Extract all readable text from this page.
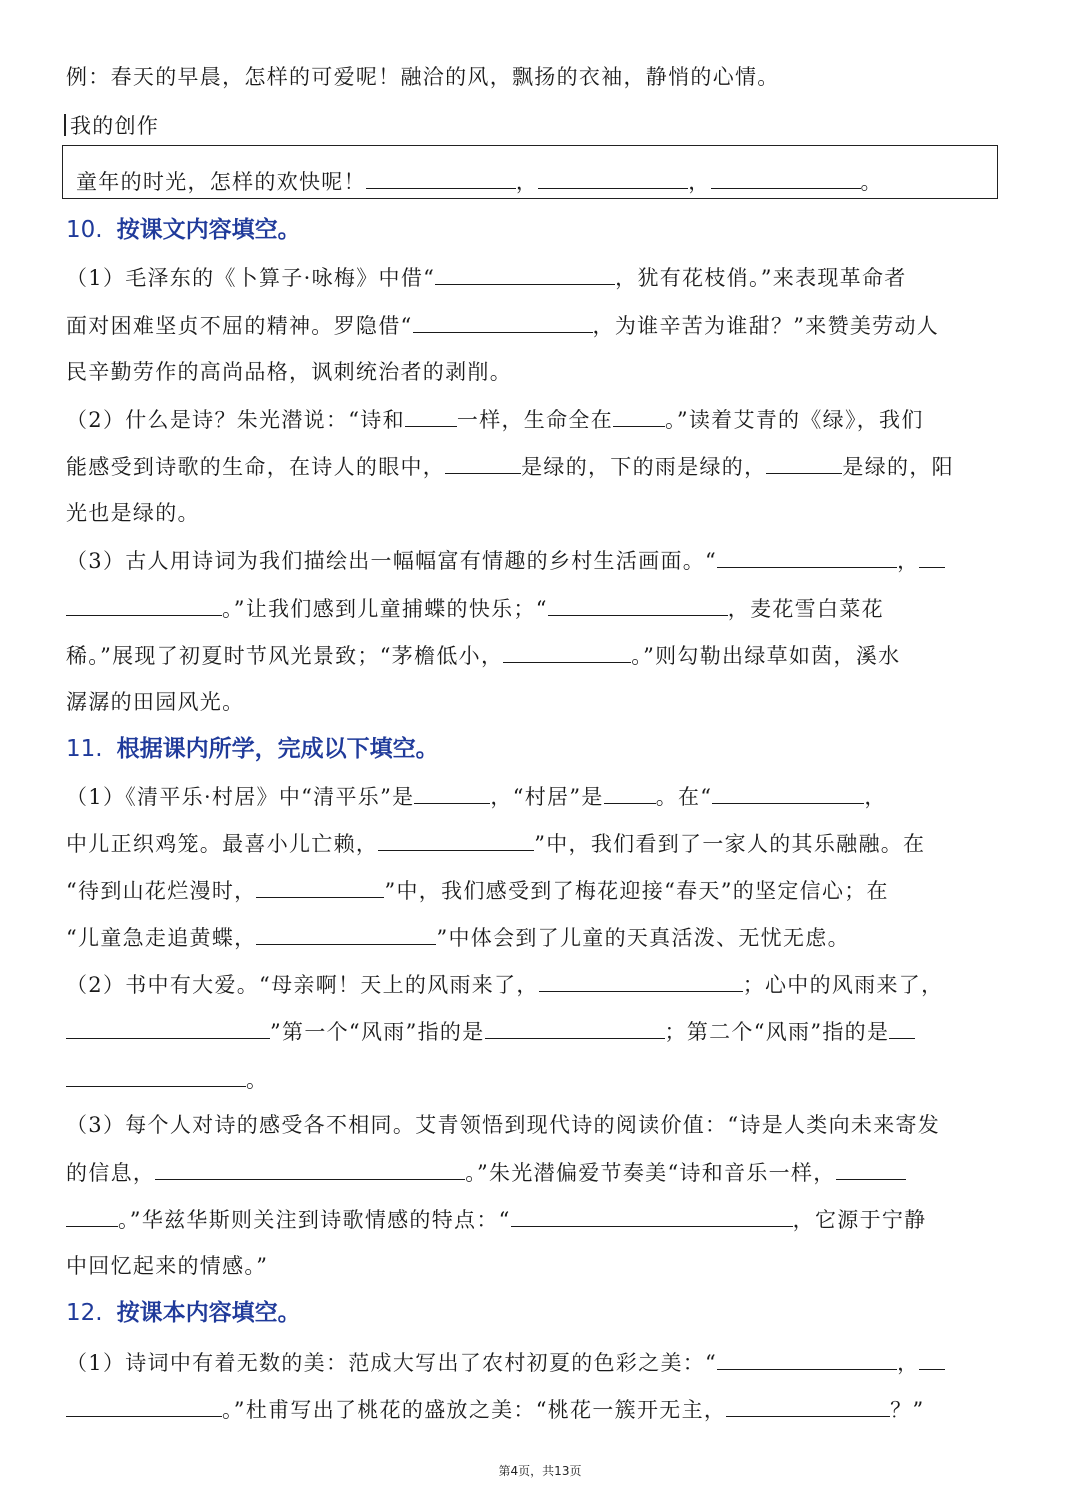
例：春天的早晨，怎样的可爱呢！融洽的风，飘扬的衣袖，静悄的心情。
我的创作
童年的时光，怎样的欢快呢！	，	，	。
10. 按课文内容填空。
（1）毛泽东的《卜算子·咏梅》中借“	，犹有花枝俏。”来表现革命者
面对困难坚贞不屈的精神。罗隐借“	，为谁辛苦为谁甜？”来赞美劳动人
民辛勤劳作的高尚品格，讽刺统治者的剥削。
（2）什么是诗？朱光潜说：“诗和 一样，生命全在 。”读着艾青的《绿》，我们
能感受到诗歌的生命，在诗人的眼中，	是绿的，下的雨是绿的，	是绿的，阳
光也是绿的。
（3）古人用诗词为我们描绘出一幅幅富有情趣的乡村生活画面。“	，
。”让我们感到儿童捕蝶的快乐；“	，麦花雪白菜花
稀。”展现了初夏时节风光景致；“茅檐低小，	。”则勾勒出绿草如茵，溪水
潺潺的田园风光。
11. 根据课内所学，完成以下填空。
（1）《清平乐·村居》中“清平乐”是	，“村居”是 。在“	，
中儿正织鸡笼。最喜小儿亡赖，	”中，我们看到了一家人的其乐融融。在
“待到山花烂漫时，	”中，我们感受到了梅花迎接“春天”的坚定信心；在
“儿童急走追黄蝶，	”中体会到了儿童的天真活泼、无忧无虑。
（2）书中有大爱。“母亲啊！天上的风雨来了，	；心中的风雨来了，
”第一个“风雨”指的是	；第二个“风雨”指的是
。
（3）每个人对诗的感受各不相同。艾青领悟到现代诗的阅读价值：“诗是人类向未来寄发
的信息，	。”朱光潜偏爱节奏美“诗和音乐一样，
。”华兹华斯则关注到诗歌情感的特点：“	，它源于宁静
中回忆起来的情感。”
12. 按课本内容填空。
（1）诗词中有着无数的美：范成大写出了农村初夏的色彩之美：“	，
。”杜甫写出了桃花的盛放之美：“桃花一簇开无主，	？”
第4页，共13页
